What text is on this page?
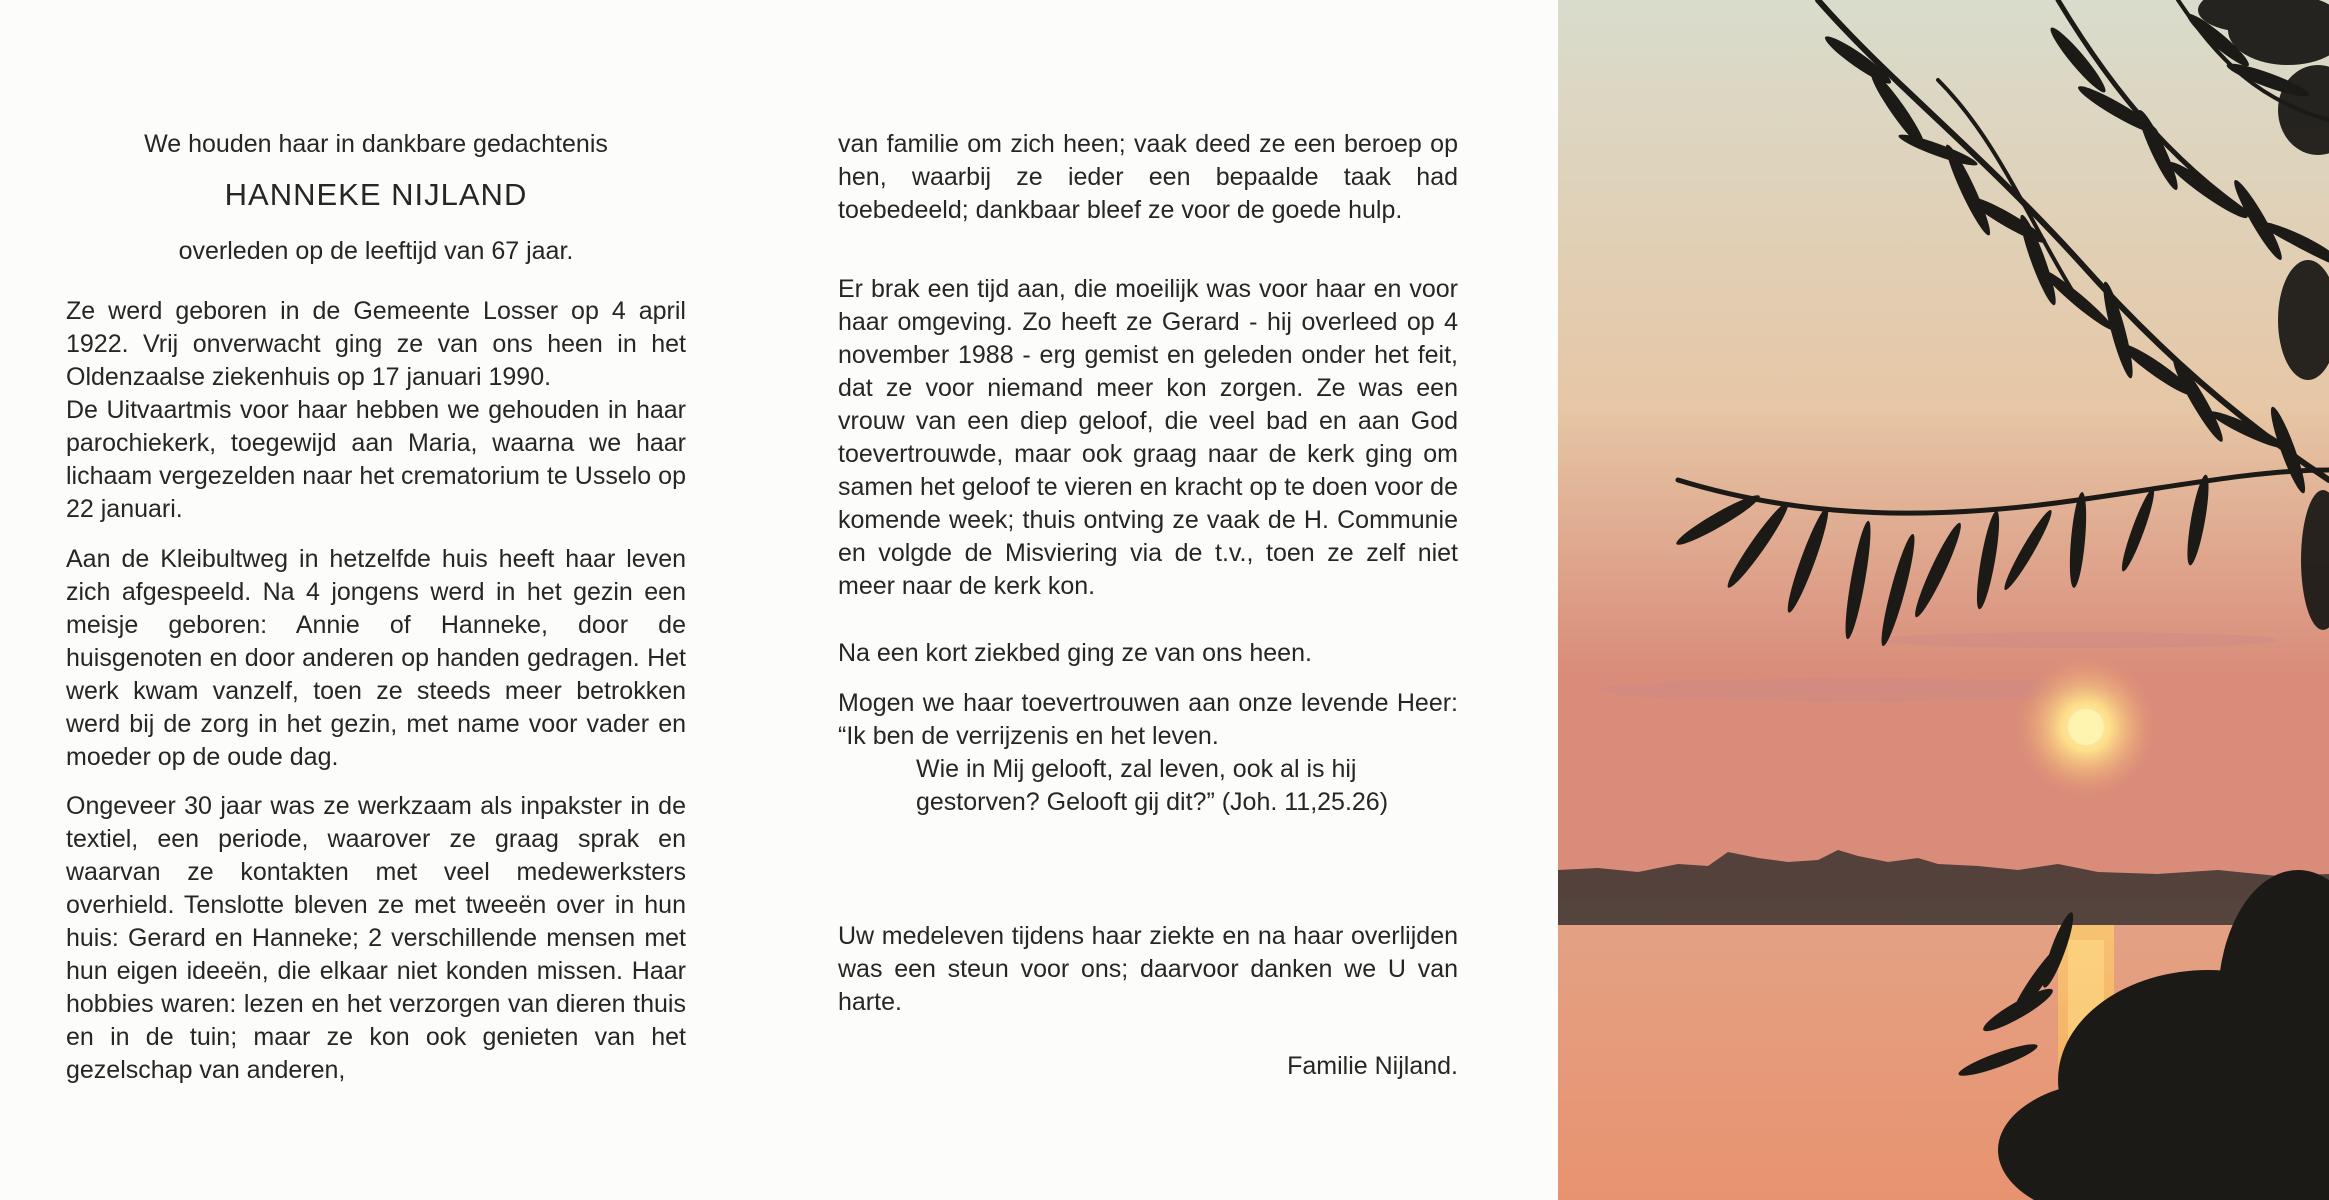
We houden haar in dankbare gedachtenis
HANNEKE NIJLAND
overleden op de leeftijd van 67 jaar.

Ze werd geboren in de Gemeente Losser op 4 april 1922. Vrij onverwacht ging ze van ons heen in het Oldenzaalse ziekenhuis op 17 januari 1990.

De Uitvaartmis voor haar hebben we gehouden in haar parochiekerk, toegewijd aan Maria, waarna we haar lichaam vergezelden naar het crematorium te Usselo op 22 januari.

Aan de Kleibultweg in hetzelfde huis heeft haar leven zich afgespeeld. Na 4 jongens werd in het gezin een meisje geboren: Annie of Hanneke, door de huisgenoten en door anderen op handen gedragen. Het werk kwam vanzelf, toen ze steeds meer betrokken werd bij de zorg in het gezin, met name voor vader en moeder op de oude dag.

Ongeveer 30 jaar was ze werkzaam als inpakster in de textiel, een periode, waarover ze graag sprak en waarvan ze kontakten met veel medewerksters overhield. Tenslotte bleven ze met tweeën over in hun huis: Gerard en Hanneke; 2 verschillende mensen met hun eigen ideeën, die elkaar niet konden missen. Haar hobbies waren: lezen en het verzorgen van dieren thuis en in de tuin; maar ze kon ook genieten van het gezelschap van anderen,

van familie om zich heen; vaak deed ze een beroep op hen, waarbij ze ieder een bepaalde taak had toebedeeld; dankbaar bleef ze voor de goede hulp.

Er brak een tijd aan, die moeilijk was voor haar en voor haar omgeving. Zo heeft ze Gerard - hij overleed op 4 november 1988 - erg gemist en geleden onder het feit, dat ze voor niemand meer kon zorgen. Ze was een vrouw van een diep geloof, die veel bad en aan God toevertrouwde, maar ook graag naar de kerk ging om samen het geloof te vieren en kracht op te doen voor de komende week; thuis ontving ze vaak de H. Communie en volgde de Misviering via de t.v., toen ze zelf niet meer naar de kerk kon.

Na een kort ziekbed ging ze van ons heen.

Mogen we haar toevertrouwen aan onze levende Heer: “Ik ben de verrijzenis en het leven.

Wie in Mij gelooft, zal leven, ook al is hij

gestorven? Gelooft gij dit?” (Joh. 11,25.26)

Uw medeleven tijdens haar ziekte en na haar overlijden was een steun voor ons; daarvoor danken we U van harte.

Familie Nijland.
